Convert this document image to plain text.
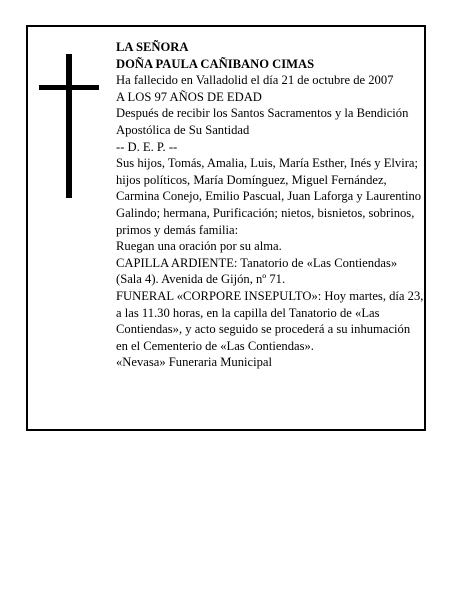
LA SEÑORA

DOÑA PAULA CAÑIBANO CIMAS

Ha fallecido en Valladolid el día 21 de octubre de 2007

A LOS 97 AÑOS DE EDAD

Después de recibir los Santos Sacramentos y la Bendición Apostólica de Su Santidad

-- D. E. P. --

Sus hijos, Tomás, Amalia, Luis, María Esther, Inés y Elvira; hijos políticos, María Domínguez, Miguel Fernández, Carmina Conejo, Emilio Pascual, Juan Laforga y Laurentino Galindo; hermana, Purificación; nietos, bisnietos, sobrinos, primos y demás familia:

Ruegan una oración por su alma.

CAPILLA ARDIENTE: Tanatorio de «Las Contiendas» (Sala 4). Avenida de Gijón, nº 71.

FUNERAL «CORPORE INSEPULTO»: Hoy martes, día 23, a las 11.30 horas, en la capilla del Tanatorio de «Las Contiendas», y acto seguido se procederá a su inhumación en el Cementerio de «Las Contiendas».

«Nevasa» Funeraria Municipal
